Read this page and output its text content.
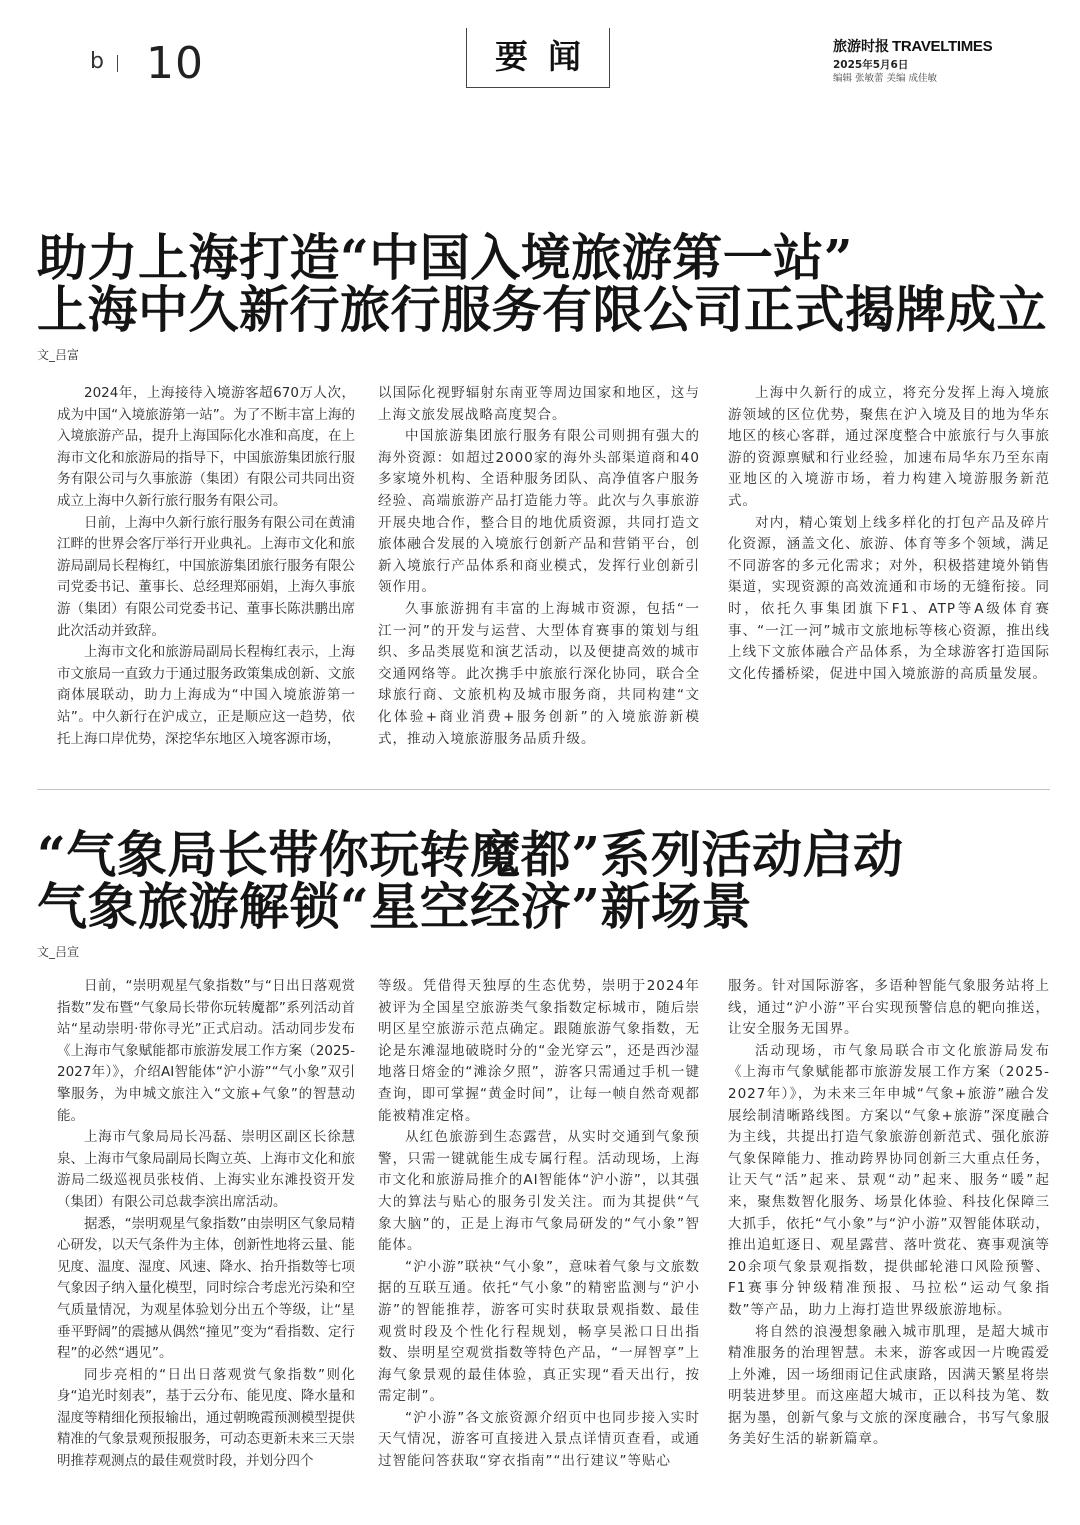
b 10	要闻	旅游时报 TRAVELTIMES
2025年5月6日
编辑 张敏蕾 美编 成佳敏
助力上海打造“中国入境旅游第一站”
上海中久新行旅行服务有限公司正式揭牌成立
文_吕富

2024年，上海接待入境游客超670万人次，成为中国“入境旅游第一站”。为了不断丰富上海的入境旅游产品，提升上海国际化水准和高度，在上海市文化和旅游局的指导下，中国旅游集团旅行服务有限公司与久事旅游（集团）有限公司共同出资成立上海中久新行旅行服务有限公司。

日前，上海中久新行旅行服务有限公司在黄浦江畔的世界会客厅举行开业典礼。上海市文化和旅游局副局长程梅红，中国旅游集团旅行服务有限公司党委书记、董事长、总经理郑丽娟，上海久事旅游（集团）有限公司党委书记、董事长陈洪鹏出席此次活动并致辞。

上海市文化和旅游局副局长程梅红表示，上海市文旅局一直致力于通过服务政策集成创新、文旅商体展联动，助力上海成为“中国入境旅游第一站”。中久新行在沪成立，正是顺应这一趋势，依托上海口岸优势，深挖华东地区入境客源市场，

以国际化视野辐射东南亚等周边国家和地区，这与上海文旅发展战略高度契合。

中国旅游集团旅行服务有限公司则拥有强大的海外资源：如超过2000家的海外头部渠道商和40多家境外机构、全语种服务团队、高净值客户服务经验、高端旅游产品打造能力等。此次与久事旅游开展央地合作，整合目的地优质资源，共同打造文旅体融合发展的入境旅行创新产品和营销平台，创新入境旅行产品体系和商业模式，发挥行业创新引领作用。

久事旅游拥有丰富的上海城市资源，包括“一江一河”的开发与运营、大型体育赛事的策划与组织、多品类展览和演艺活动，以及便捷高效的城市交通网络等。此次携手中旅旅行深化协同，联合全球旅行商、文旅机构及城市服务商，共同构建“文化体验+商业消费+服务创新”的入境旅游新模式，推动入境旅游服务品质升级。

上海中久新行的成立，将充分发挥上海入境旅游领域的区位优势，聚焦在沪入境及目的地为华东地区的核心客群，通过深度整合中旅旅行与久事旅游的资源禀赋和行业经验，加速布局华东乃至东南亚地区的入境游市场，着力构建入境游服务新范式。

对内，精心策划上线多样化的打包产品及碎片化资源，涵盖文化、旅游、体育等多个领域，满足不同游客的多元化需求；对外，积极搭建境外销售渠道，实现资源的高效流通和市场的无缝衔接。同时，依托久事集团旗下F1、ATP等A级体育赛事、“一江一河”城市文旅地标等核心资源，推出线上线下文旅体融合产品体系，为全球游客打造国际文化传播桥梁，促进中国入境旅游的高质量发展。

“气象局长带你玩转魔都”系列活动启动
气象旅游解锁“星空经济”新场景
文_吕宣

日前，“崇明观星气象指数”与“日出日落观赏指数”发布暨“气象局长带你玩转魔都”系列活动首站“星动崇明·带你寻光”正式启动。活动同步发布《上海市气象赋能都市旅游发展工作方案（2025-2027年）》，介绍AI智能体“沪小游”“气小象”双引擎服务，为申城文旅注入“文旅+气象”的智慧动能。

上海市气象局局长冯磊、崇明区副区长徐慧泉、上海市气象局副局长陶立英、上海市文化和旅游局二级巡视员张枝俏、上海实业东滩投资开发（集团）有限公司总裁李滨出席活动。

据悉，“崇明观星气象指数”由崇明区气象局精心研发，以天气条件为主体，创新性地将云量、能见度、温度、湿度、风速、降水、抬升指数等七项气象因子纳入量化模型，同时综合考虑光污染和空气质量情况，为观星体验划分出五个等级，让“星垂平野阔”的震撼从偶然“撞见”变为“看指数、定行程”的必然“遇见”。

同步亮相的“日出日落观赏气象指数”则化身“追光时刻表”，基于云分布、能见度、降水量和湿度等精细化预报输出，通过朝晚霞预测模型提供精准的气象景观预报服务，可动态更新未来三天崇明推荐观测点的最佳观赏时段，并划分四个

等级。凭借得天独厚的生态优势，崇明于2024年被评为全国星空旅游类气象指数定标城市，随后崇明区星空旅游示范点确定。跟随旅游气象指数，无论是东滩湿地破晓时分的“金光穿云”，还是西沙湿地落日熔金的“滩涂夕照”，游客只需通过手机一键查询，即可掌握“黄金时间”，让每一帧自然奇观都能被精准定格。

从红色旅游到生态露营，从实时交通到气象预警，只需一键就能生成专属行程。活动现场，上海市文化和旅游局推介的AI智能体“沪小游”，以其强大的算法与贴心的服务引发关注。而为其提供“气象大脑”的，正是上海市气象局研发的“气小象”智能体。

“沪小游”联袂“气小象”，意味着气象与文旅数据的互联互通。依托“气小象”的精密监测与“沪小游”的智能推荐，游客可实时获取景观指数、最佳观赏时段及个性化行程规划，畅享吴淞口日出指数、崇明星空观赏指数等特色产品，“一屏智享”上海气象景观的最佳体验，真正实现“看天出行，按需定制”。

“沪小游”各文旅资源介绍页中也同步接入实时天气情况，游客可直接进入景点详情页查看，或通过智能问答获取“穿衣指南”“出行建议”等贴心

服务。针对国际游客，多语种智能气象服务站将上线，通过“沪小游”平台实现预警信息的靶向推送，让安全服务无国界。

活动现场，市气象局联合市文化旅游局发布《上海市气象赋能都市旅游发展工作方案（2025-2027年）》，为未来三年申城“气象+旅游”融合发展绘制清晰路线图。方案以“气象+旅游”深度融合为主线，共提出打造气象旅游创新范式、强化旅游气象保障能力、推动跨界协同创新三大重点任务，让天气“活”起来、景观“动”起来、服务“暖”起来，聚焦数智化服务、场景化体验、科技化保障三大抓手，依托“气小象”与“沪小游”双智能体联动，推出追虹逐日、观星露营、落叶赏花、赛事观演等20余项气象景观指数，提供邮轮港口风险预警、F1赛事分钟级精准预报、马拉松“运动气象指数”等产品，助力上海打造世界级旅游地标。

将自然的浪漫想象融入城市肌理，是超大城市精准服务的治理智慧。未来，游客或因一片晚霞爱上外滩，因一场细雨记住武康路，因满天繁星将崇明装进梦里。而这座超大城市，正以科技为笔、数据为墨，创新气象与文旅的深度融合，书写气象服务美好生活的崭新篇章。
